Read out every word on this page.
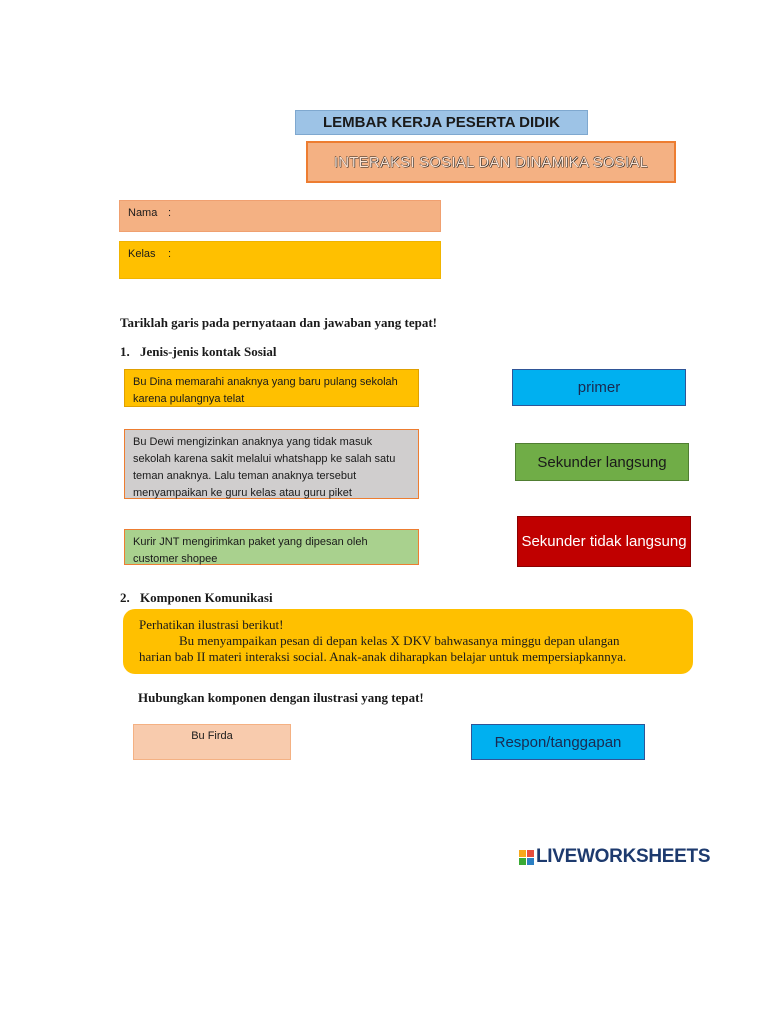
LEMBAR KERJA PESERTA DIDIK
INTERAKSI SOSIAL DAN DINAMIKA SOSIAL
Nama :
Kelas	:
Tariklah garis pada pernyataan dan jawaban yang tepat!
1. Jenis-jenis kontak Sosial
Bu Dina memarahi anaknya yang baru pulang sekolah karena pulangnya telat
Bu Dewi mengizinkan anaknya yang tidak masuk sekolah karena sakit melalui whatshapp ke salah satu teman anaknya. Lalu teman anaknya tersebut menyampaikan ke guru kelas atau guru piket
Kurir JNT mengirimkan paket yang dipesan oleh customer shopee
primer
Sekunder langsung
Sekunder tidak langsung
2. Komponen Komunikasi
Perhatikan ilustrasi berikut!
Bu menyampaikan pesan di depan kelas X DKV bahwasanya minggu depan ulangan
harian bab II materi interaksi social. Anak-anak diharapkan belajar untuk mempersiapkannya.
Hubungkan komponen dengan ilustrasi yang tepat!
Bu Firda	Respon/tanggapan
LIVEWORKSHEETS
